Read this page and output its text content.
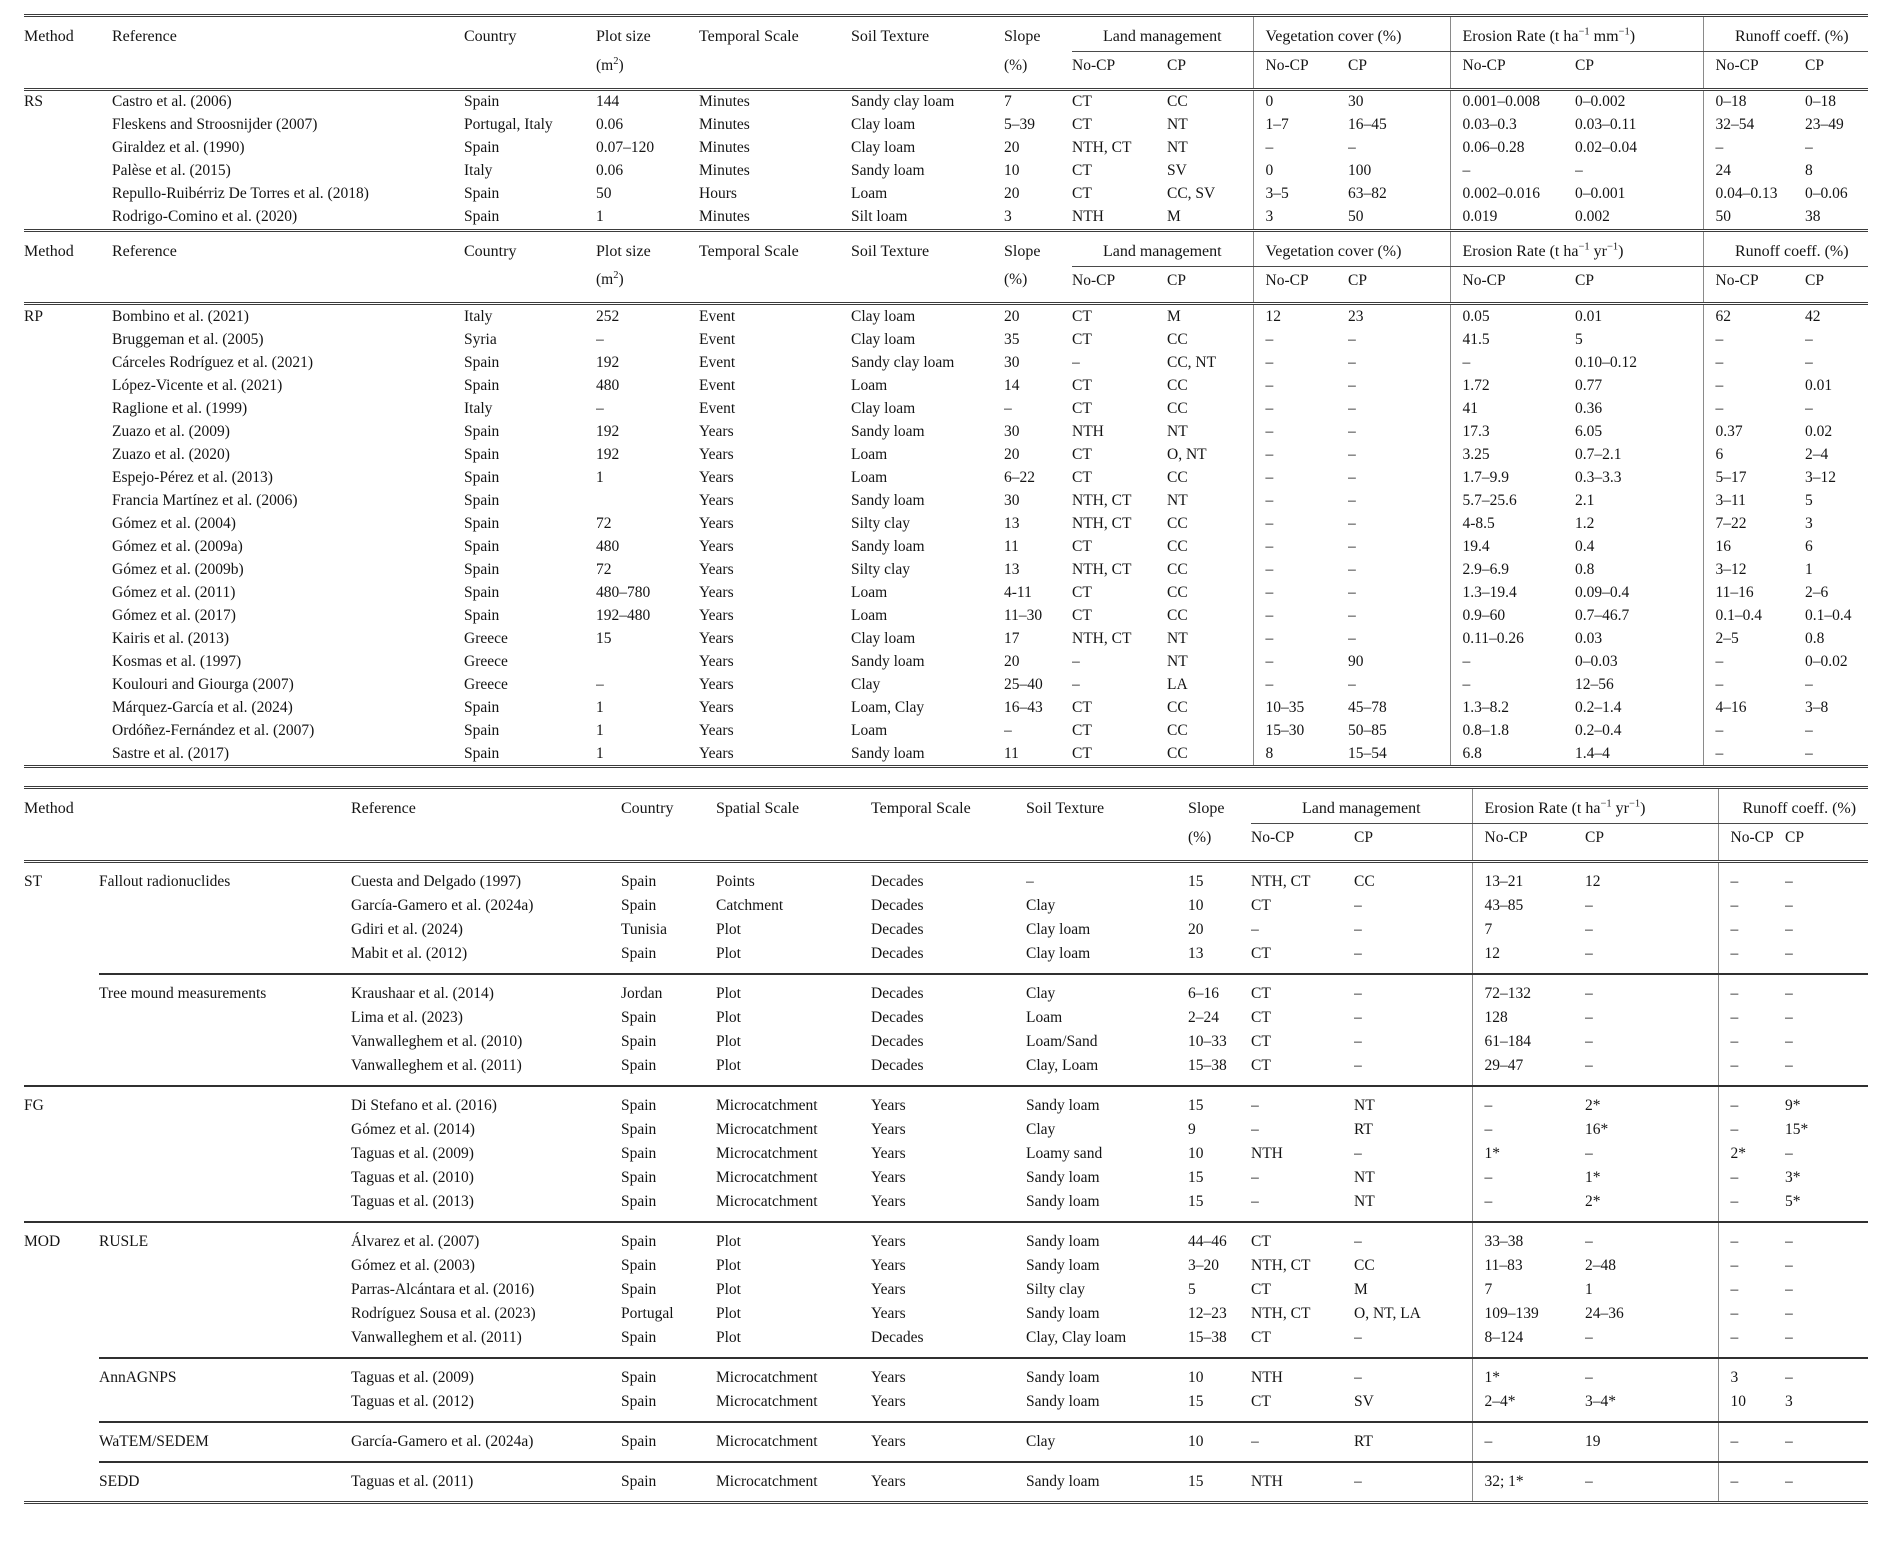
Method	Reference	Country	Plot size	Temporal Scale	Soil Texture	Slope	Land management		Vegetation cover (%)		Erosion Rate (t $ha^{-1}$ $mm^{-1}$)		Runoff coeff. (%)	
			$(m^2)$			(%)	No-CP	CP	No-CP	CP	No-CP	CP	No-CP	CP
RS	Castro et al. (2006)	Spain	144	Minutes	Sandy clay loam	7	CT	CC	0	30	0.001–0.008	0–0.002	0–18	0–18
	Fleskens and Stroosnijder (2007)	Portugal, Italy	0.06	Minutes	Clay loam	5–39	CT	NT	1–7	16–45	0.03–0.3	0.03–0.11	32–54	23–49
	Giraldez et al. (1990)	Spain	0.07–120	Minutes	Clay loam	20	NTH, CT	NT	–	–	0.06–0.28	0.02–0.04	–	–
	Palèse et al. (2015)	Italy	0.06	Minutes	Sandy loam	10	CT	SV	0	100	–	–	24	8
	Repullo-Ruibérriz De Torres et al. (2018)	Spain	50	Hours	Loam	20	CT	CC, SV	3–5	63–82	0.002–0.016	0–0.001	0.04–0.13	0–0.06
	Rodrigo-Comino et al. (2020)	Spain	1	Minutes	Silt loam	3	NTH	M	3	50	0.019	0.002	50	38
Method	Reference	Country	Plot size	Temporal Scale	Soil Texture	Slope	Land management		Vegetation cover (%)		Erosion Rate (t $ha^{-1}$ $yr^{-1}$)		Runoff coeff. (%)	
			$(m^2)$			(%)	No-CP	CP	No-CP	CP	No-CP	CP	No-CP	CP
RP	Bombino et al. (2021)	Italy	252	Event	Clay loam	20	CT	M	12	23	0.05	0.01	62	42
	Bruggeman et al. (2005)	Syria	–	Event	Clay loam	35	CT	CC	–	–	41.5	5	–	–
	Cárceles Rodríguez et al. (2021)	Spain	192	Event	Sandy clay loam	30	–	CC, NT	–	–	–	0.10–0.12	–	–
	López-Vicente et al. (2021)	Spain	480	Event	Loam	14	CT	CC	–	–	1.72	0.77	–	0.01
	Raglione et al. (1999)	Italy	–	Event	Clay loam	–	CT	CC	–	–	41	0.36	–	–
	Zuazo et al. (2009)	Spain	192	Years	Sandy loam	30	NTH	NT	–	–	17.3	6.05	0.37	0.02
	Zuazo et al. (2020)	Spain	192	Years	Loam	20	CT	O, NT	–	–	3.25	0.7–2.1	6	2–4
	Espejo-Pérez et al. (2013)	Spain	1	Years	Loam	6–22	CT	CC	–	–	1.7–9.9	0.3–3.3	5–17	3–12
	Francia Martínez et al. (2006)	Spain		Years	Sandy loam	30	NTH, CT	NT	–	–	5.7–25.6	2.1	3–11	5
	Gómez et al. (2004)	Spain	72	Years	Silty clay	13	NTH, CT	CC	–	–	4-8.5	1.2	7–22	3
	Gómez et al. (2009a)	Spain	480	Years	Sandy loam	11	CT	CC	–	–	19.4	0.4	16	6
	Gómez et al. (2009b)	Spain	72	Years	Silty clay	13	NTH, CT	CC	–	–	2.9–6.9	0.8	3–12	1
	Gómez et al. (2011)	Spain	480–780	Years	Loam	4-11	CT	CC	–	–	1.3–19.4	0.09–0.4	11–16	2–6
	Gómez et al. (2017)	Spain	192–480	Years	Loam	11–30	CT	CC	–	–	0.9–60	0.7–46.7	0.1–0.4	0.1–0.4
	Kairis et al. (2013)	Greece	15	Years	Clay loam	17	NTH, CT	NT	–	–	0.11–0.26	0.03	2–5	0.8
	Kosmas et al. (1997)	Greece		Years	Sandy loam	20	–	NT	–	90	–	0–0.03	–	0–0.02
	Koulouri and Giourga (2007)	Greece	–	Years	Clay	25–40	–	LA	–	–	–	12–56	–	–
	Márquez-García et al. (2024)	Spain	1	Years	Loam, Clay	16–43	CT	CC	10–35	45–78	1.3–8.2	0.2–1.4	4–16	3–8
	Ordóñez-Fernández et al. (2007)	Spain	1	Years	Loam	–	CT	CC	15–30	50–85	0.8–1.8	0.2–0.4	–	–
	Sastre et al. (2017)	Spain	1	Years	Sandy loam	11	CT	CC	8	15–54	6.8	1.4–4	–	–
Method		Reference	Country	Spatial Scale	Temporal Scale	Soil Texture	Slope	Land management		Erosion Rate (t $ha^{-1}$ $yr^{-1}$)		Runoff coeff. (%)	
							(%)	No-CP	CP	No-CP	CP	No-CP	CP
ST	Fallout radionuclides	Cuesta and Delgado (1997)	Spain	Points	Decades	–	15	NTH, CT	CC	13–21	12	–	–
		García-Gamero et al. (2024a)	Spain	Catchment	Decades	Clay	10	CT	–	43–85	–	–	–
		Gdiri et al. (2024)	Tunisia	Plot	Decades	Clay loam	20	–	–	7	–	–	–
		Mabit et al. (2012)	Spain	Plot	Decades	Clay loam	13	CT	–	12	–	–	–
	Tree mound measurements	Kraushaar et al. (2014)	Jordan	Plot	Decades	Clay	6–16	CT	–	72–132	–	–	–
		Lima et al. (2023)	Spain	Plot	Decades	Loam	2–24	CT	–	128	–	–	–
		Vanwalleghem et al. (2010)	Spain	Plot	Decades	Loam/Sand	10–33	CT	–	61–184	–	–	–
		Vanwalleghem et al. (2011)	Spain	Plot	Decades	Clay, Loam	15–38	CT	–	29–47	–	–	–
FG		Di Stefano et al. (2016)	Spain	Microcatchment	Years	Sandy loam	15	–	NT	–	2*	–	9*
		Gómez et al. (2014)	Spain	Microcatchment	Years	Clay	9	–	RT	–	16*	–	15*
		Taguas et al. (2009)	Spain	Microcatchment	Years	Loamy sand	10	NTH	–	1*	–	2*	–
		Taguas et al. (2010)	Spain	Microcatchment	Years	Sandy loam	15	–	NT	–	1*	–	3*
		Taguas et al. (2013)	Spain	Microcatchment	Years	Sandy loam	15	–	NT	–	2*	–	5*
MOD	RUSLE	Álvarez et al. (2007)	Spain	Plot	Years	Sandy loam	44–46	CT	–	33–38	–	–	–
		Gómez et al. (2003)	Spain	Plot	Years	Sandy loam	3–20	NTH, CT	CC	11–83	2–48	–	–
		Parras-Alcántara et al. (2016)	Spain	Plot	Years	Silty clay	5	CT	M	7	1	–	–
		Rodríguez Sousa et al. (2023)	Portugal	Plot	Years	Sandy loam	12–23	NTH, CT	O, NT, LA	109–139	24–36	–	–
		Vanwalleghem et al. (2011)	Spain	Plot	Decades	Clay, Clay loam	15–38	CT	–	8–124	–	–	–
	AnnAGNPS	Taguas et al. (2009)	Spain	Microcatchment	Years	Sandy loam	10	NTH	–	1*	–	3	–
		Taguas et al. (2012)	Spain	Microcatchment	Years	Sandy loam	15	CT	SV	2–4*	3–4*	10	3
	WaTEM/SEDEM	García-Gamero et al. (2024a)	Spain	Microcatchment	Years	Clay	10	–	RT	–	19	–	–
	SEDD	Taguas et al. (2011)	Spain	Microcatchment	Years	Sandy loam	15	NTH	–	32; 1*	–	–	–
